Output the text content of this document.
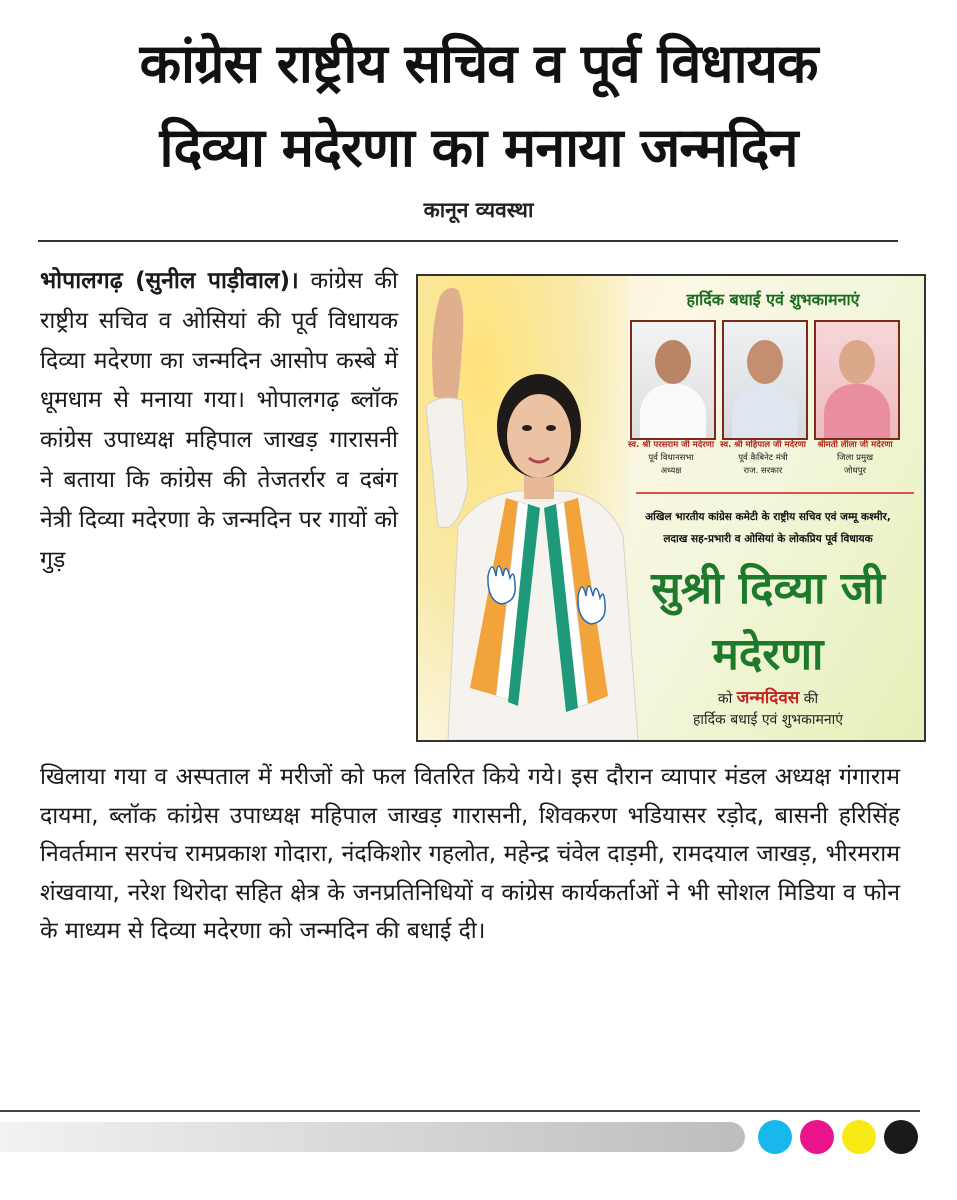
कांग्रेस राष्ट्रीय सचिव व पूर्व विधायक
दिव्या मदेरणा का मनाया जन्मदिन
कानून व्यवस्था
भोपालगढ़ (सुनील पाड़ीवाल)। कांग्रेस की राष्ट्रीय सचिव व ओसियां की पूर्व विधायक दिव्या मदेरणा का जन्मदिन आसोप कस्बे में धूमधाम से मनाया गया। भोपालगढ़ ब्लॉक कांग्रेस उपाध्यक्ष महिपाल जाखड़ गारासनी ने बताया कि कांग्रेस की तेजतर्रार व दबंग नेत्री दिव्या मदेरणा के जन्मदिन पर गायों को गुड़
हार्दिक बधाई एवं शुभकामनाएं
स्व. श्री परसराम जी मदेरणा
पूर्व विधानसभा
अध्यक्ष
स्व. श्री महिपाल जी मदेरणा
पूर्व कैबिनेट मंत्री
राज. सरकार
श्रीमती लीला जी मदेरणा
जिला प्रमुख
जोधपुर
अखिल भारतीय कांग्रेस कमेटी के राष्ट्रीय सचिव एवं जम्मू कश्मीर,
लदाख सह-प्रभारी व ओसियां के लोकप्रिय पूर्व विधायक
सुश्री दिव्या जी
मदेरणा
को जन्मदिवस की
हार्दिक बधाई एवं शुभकामनाएं
खिलाया गया व अस्पताल में मरीजों को फल वितरित किये गये। इस दौरान व्यापार मंडल अध्यक्ष गंगाराम दायमा, ब्लॉक कांग्रेस उपाध्यक्ष महिपाल जाखड़ गारासनी, शिवकरण भडियासर रड़ोद, बासनी हरिसिंह निवर्तमान सरपंच रामप्रकाश गोदारा, नंदकिशोर गहलोत, महेन्द्र चंवेल दाड़मी, रामदयाल जाखड़, भीरमराम शंखवाया, नरेश थिरोदा सहित क्षेत्र के जनप्रतिनिधियों व कांग्रेस कार्यकर्ताओं ने भी सोशल मिडिया व फोन के माध्यम से दिव्या मदेरणा को जन्मदिन की बधाई दी।
